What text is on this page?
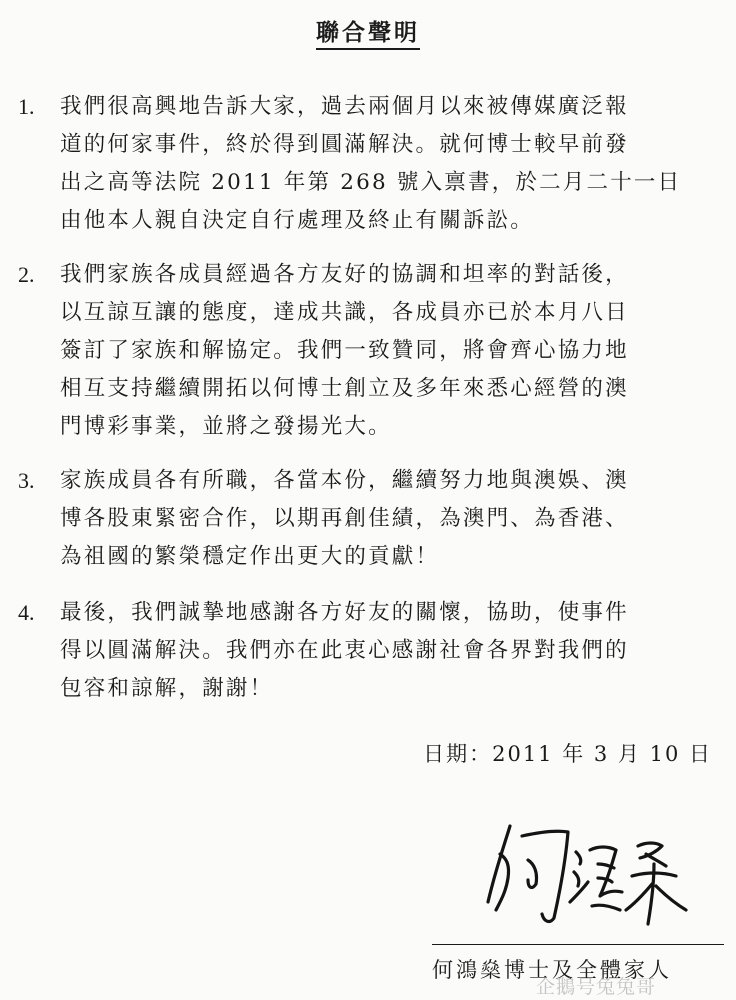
聯合聲明
1. 我們很高興地告訴大家，過去兩個月以來被傳媒廣泛報
道的何家事件，終於得到圓滿解決。就何博士較早前發
出之高等法院 2011 年第 268 號入禀書，於二月二十一日
由他本人親自決定自行處理及終止有關訴訟。
2. 我們家族各成員經過各方友好的協調和坦率的對話後，
以互諒互讓的態度，達成共識，各成員亦已於本月八日
簽訂了家族和解協定。我們一致贊同，將會齊心協力地
相互支持繼續開拓以何博士創立及多年來悉心經營的澳
門博彩事業，並將之發揚光大。
3. 家族成員各有所職，各當本份，繼續努力地與澳娛、澳
博各股東緊密合作，以期再創佳績，為澳門、為香港、
為祖國的繁榮穩定作出更大的貢獻！
4. 最後，我們誠摯地感謝各方好友的關懷，協助，使事件
得以圓滿解決。我們亦在此衷心感謝社會各界對我們的
包容和諒解，謝謝！
日期：2011 年 3 月 10 日
何鴻燊博士及全體家人
企鵝号兔兔哥
